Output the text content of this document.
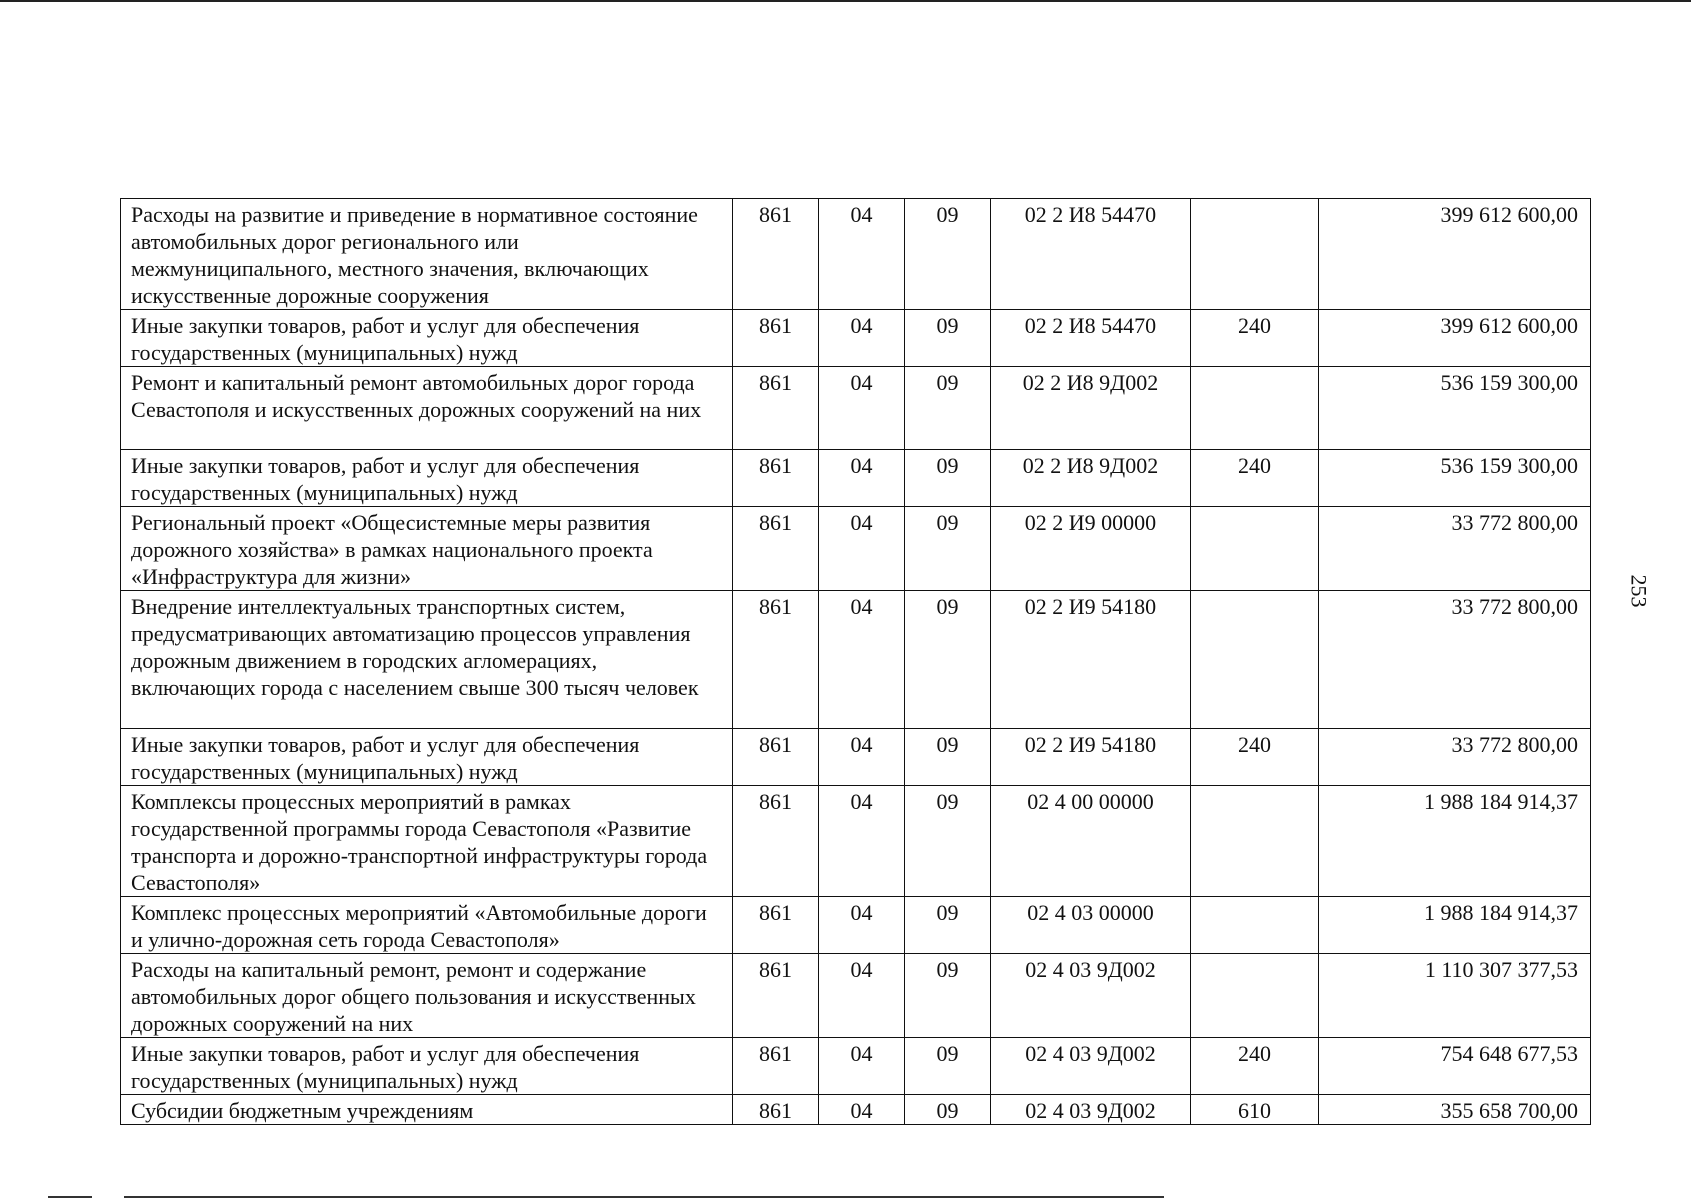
Расходы на развитие и приведение в нормативное состояние автомобильных дорог регионального или межмуниципального, местного значения, включающих искусственные дорожные сооружения	861	04	09	02 2 И8 54470		399 612 600,00
Иные закупки товаров, работ и услуг для обеспечения государственных (муниципальных) нужд	861	04	09	02 2 И8 54470	240	399 612 600,00
Ремонт и капитальный ремонт автомобильных дорог города Севастополя и искусственных дорожных сооружений на них	861	04	09	02 2 И8 9Д002		536 159 300,00
Иные закупки товаров, работ и услуг для обеспечения государственных (муниципальных) нужд	861	04	09	02 2 И8 9Д002	240	536 159 300,00
Региональный проект «Общесистемные меры развития дорожного хозяйства» в рамках национального проекта «Инфраструктура для жизни»	861	04	09	02 2 И9 00000		33 772 800,00
Внедрение интеллектуальных транспортных систем, предусматривающих автоматизацию процессов управления дорожным движением в городских агломерациях, включающих города с населением свыше 300 тысяч человек	861	04	09	02 2 И9 54180		33 772 800,00
Иные закупки товаров, работ и услуг для обеспечения государственных (муниципальных) нужд	861	04	09	02 2 И9 54180	240	33 772 800,00
Комплексы процессных мероприятий в рамках государственной программы города Севастополя «Развитие транспорта и дорожно-транспортной инфраструктуры города Севастополя»	861	04	09	02 4 00 00000		1 988 184 914,37
Комплекс процессных мероприятий «Автомобильные дороги и улично-дорожная сеть города Севастополя»	861	04	09	02 4 03 00000		1 988 184 914,37
Расходы на капитальный ремонт, ремонт и содержание автомобильных дорог общего пользования и искусственных дорожных сооружений на них	861	04	09	02 4 03 9Д002		1 110 307 377,53
Иные закупки товаров, работ и услуг для обеспечения государственных (муниципальных) нужд	861	04	09	02 4 03 9Д002	240	754 648 677,53
Субсидии бюджетным учреждениям	861	04	09	02 4 03 9Д002	610	355 658 700,00
253
